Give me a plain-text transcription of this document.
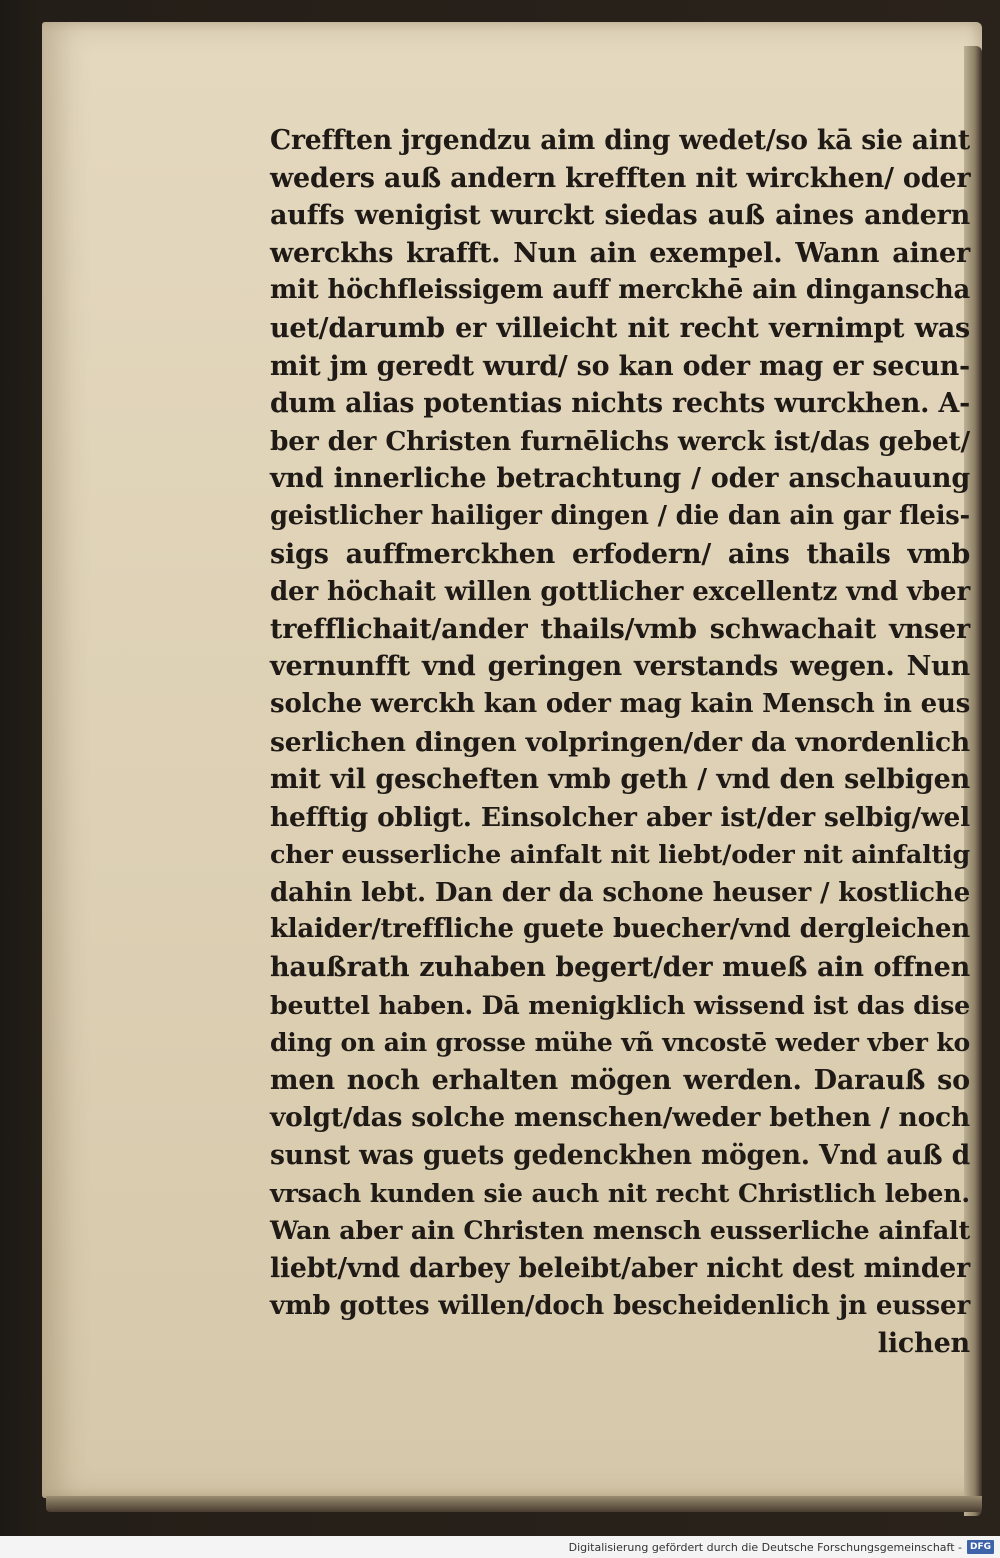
Crefften jrgendzu aim ding wedet/so kā sie aint
weders auß andern krefften nit wirckhen/ oder
auffs wenigist wurckt siedas auß aines andern
werckhs krafft. Nun ain exempel. Wann ainer
mit höchfleissigem auff merckhē ain dinganscha
uet/darumb er villeicht nit recht vernimpt was
mit jm geredt wurd/ so kan oder mag er secun-
dum alias potentias nichts rechts wurckhen. A-
ber der Christen furnēlichs werck ist/das gebet/
vnd innerliche betrachtung / oder anschauung
geistlicher hailiger dingen / die dan ain gar fleis-
sigs auffmerckhen erfodern/ ains thails vmb
der höchait willen gottlicher excellentz vnd vber
trefflichait/ander thails/vmb schwachait vnser
vernunfft vnd geringen verstands wegen. Nun
solche werckh kan oder mag kain Mensch in eus
serlichen dingen volpringen/der da vnordenlich
mit vil gescheften vmb geth / vnd den selbigen
hefftig obligt. Einsolcher aber ist/der selbig/wel
cher eusserliche ainfalt nit liebt/oder nit ainfaltig
dahin lebt. Dan der da schone heuser / kostliche
klaider/treffliche guete buecher/vnd dergleichen
haußrath zuhaben begert/der mueß ain offnen
beuttel haben. Dā menigklich wissend ist das dise
ding on ain grosse mühe vñ vncostē weder vber ko
men noch erhalten mögen werden. Darauß so
volgt/das solche menschen/weder bethen / noch
sunst was guets gedenckhen mögen. Vnd auß d
vrsach kunden sie auch nit recht Christlich leben.
Wan aber ain Christen mensch eusserliche ainfalt
liebt/vnd darbey beleibt/aber nicht dest minder
vmb gottes willen/doch bescheidenlich jn eusser
lichen
Digitalisierung gefördert durch die Deutsche Forschungsgemeinschaft - DFG
